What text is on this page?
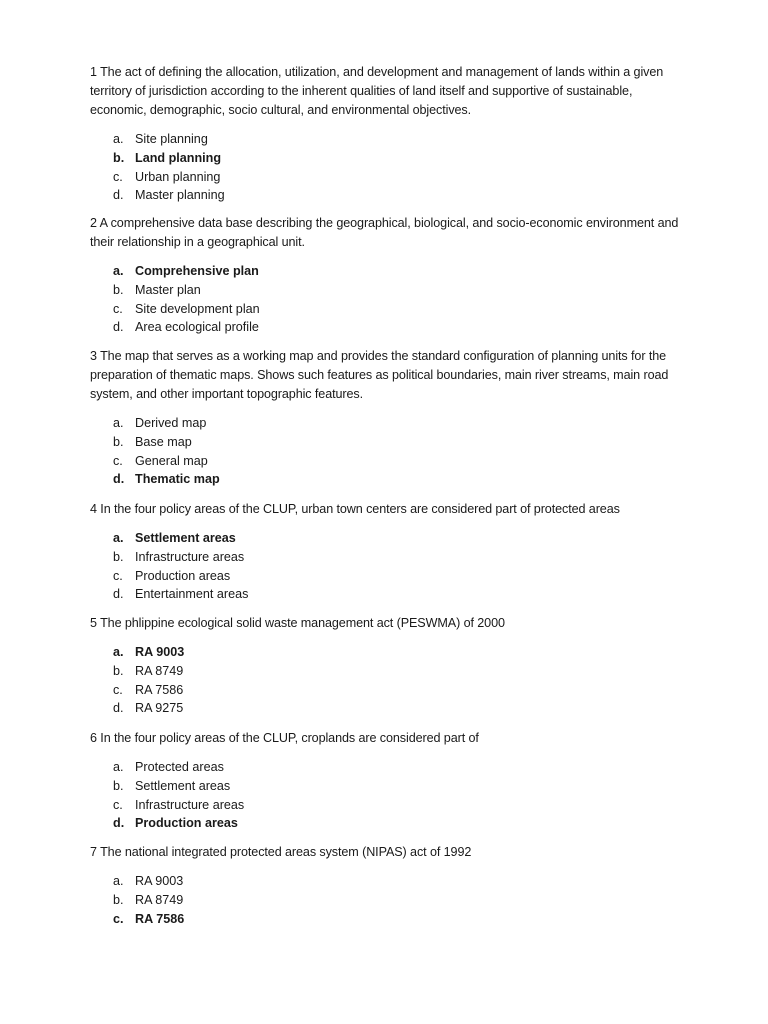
1 The act of defining the allocation, utilization, and development and management of lands within a given territory of jurisdiction according to the inherent qualities of land itself and supportive of sustainable, economic, demographic, socio cultural, and environmental objectives.

a. Site planning
b. Land planning
c. Urban planning
d. Master planning

2 A comprehensive data base describing the geographical, biological, and socio-economic environment and their relationship in a geographical unit.

a. Comprehensive plan
b. Master plan
c. Site development plan
d. Area ecological profile

3 The map that serves as a working map and provides the standard configuration of planning units for the preparation of thematic maps. Shows such features as political boundaries, main river streams, main road system, and other important topographic features.

a. Derived map
b. Base map
c. General map
d. Thematic map

4 In the four policy areas of the CLUP, urban town centers are considered part of protected areas

a. Settlement areas
b. Infrastructure areas
c. Production areas
d. Entertainment areas

5 The phlippine ecological solid waste management act (PESWMA) of 2000

a. RA 9003
b. RA 8749
c. RA 7586
d. RA 9275

6 In the four policy areas of the CLUP, croplands are considered part of

a. Protected areas
b. Settlement areas
c. Infrastructure areas
d. Production areas

7 The national integrated protected areas system (NIPAS) act of 1992

a. RA 9003
b. RA 8749
c. RA 7586
